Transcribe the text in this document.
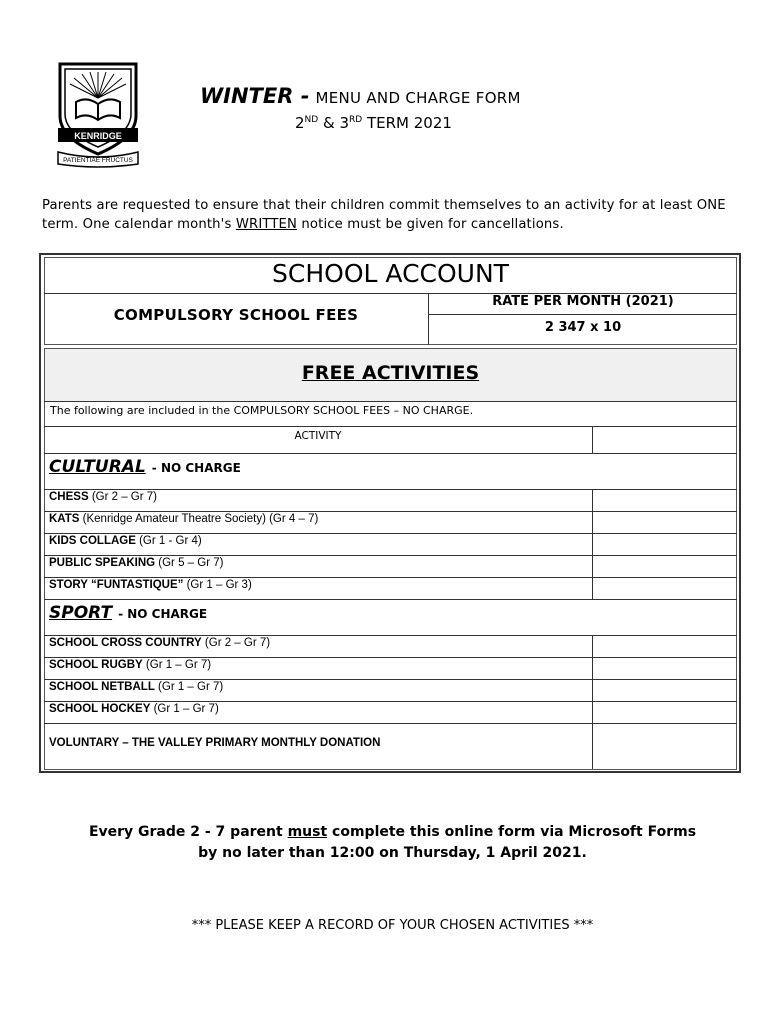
KENRIDGE
PATIENTIAE FRUCTUS
WINTER - MENU AND CHARGE FORM
2ND & 3RD TERM 2021
Parents are requested to ensure that their children commit themselves to an activity for at least ONE term. One calendar month's WRITTEN notice must be given for cancellations.
SCHOOL ACCOUNT
COMPULSORY SCHOOL FEES
RATE PER MONTH (2021)
2 347 x 10
FREE ACTIVITIES
The following are included in the COMPULSORY SCHOOL FEES – NO CHARGE.
ACTIVITY
CULTURAL - NO CHARGE
CHESS (Gr 2 – Gr 7)
KATS (Kenridge Amateur Theatre Society) (Gr 4 – 7)
KIDS COLLAGE (Gr 1 - Gr 4)
PUBLIC SPEAKING (Gr 5 – Gr 7)
STORY “FUNTASTIQUE” (Gr 1 – Gr 3)
SPORT - NO CHARGE
SCHOOL CROSS COUNTRY (Gr 2 – Gr 7)
SCHOOL RUGBY (Gr 1 – Gr 7)
SCHOOL NETBALL (Gr 1 – Gr 7)
SCHOOL HOCKEY (Gr 1 – Gr 7)
VOLUNTARY – THE VALLEY PRIMARY MONTHLY DONATION
Every Grade 2 - 7 parent must complete this online form via Microsoft Forms
by no later than 12:00 on Thursday, 1 April 2021.
*** PLEASE KEEP A RECORD OF YOUR CHOSEN ACTIVITIES ***
